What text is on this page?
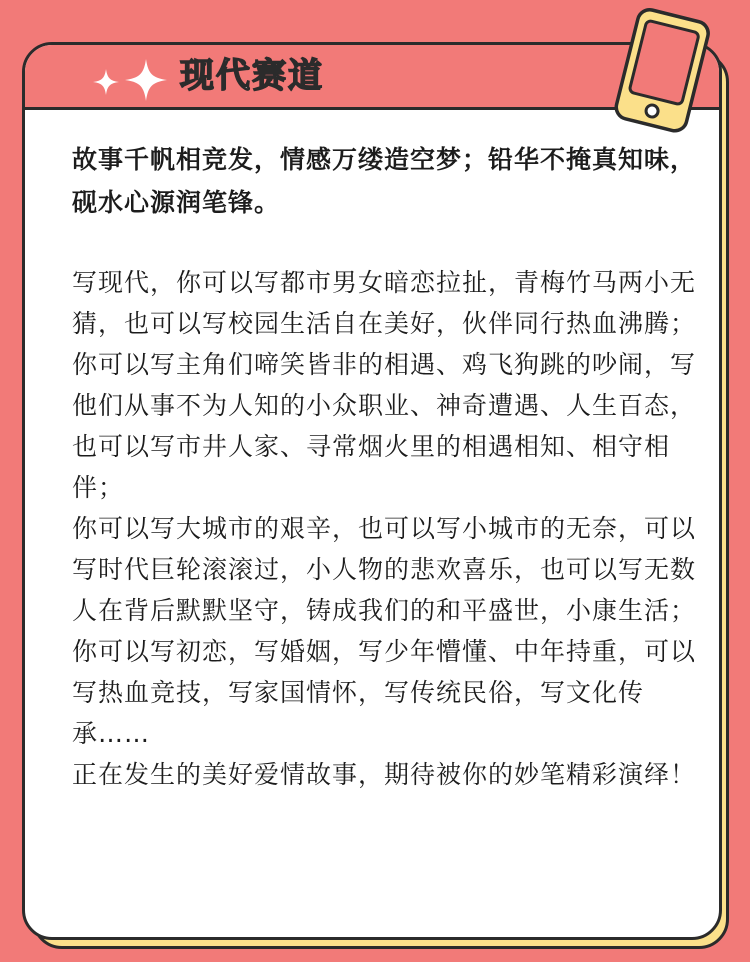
现代赛道

故事千帆相竞发，情感万缕造空梦；铅华不掩真知味，砚水心源润笔锋。

写现代，你可以写都市男女暗恋拉扯，青梅竹马两小无猜，也可以写校园生活自在美好，伙伴同行热血沸腾；

你可以写主角们啼笑皆非的相遇、鸡飞狗跳的吵闹，写他们从事不为人知的小众职业、神奇遭遇、人生百态，也可以写市井人家、寻常烟火里的相遇相知、相守相伴；

你可以写大城市的艰辛，也可以写小城市的无奈，可以写时代巨轮滚滚过，小人物的悲欢喜乐，也可以写无数人在背后默默坚守，铸成我们的和平盛世，小康生活；

你可以写初恋，写婚姻，写少年懵懂、中年持重，可以写热血竞技，写家国情怀，写传统民俗，写文化传承……

正在发生的美好爱情故事，期待被你的妙笔精彩演绎！
